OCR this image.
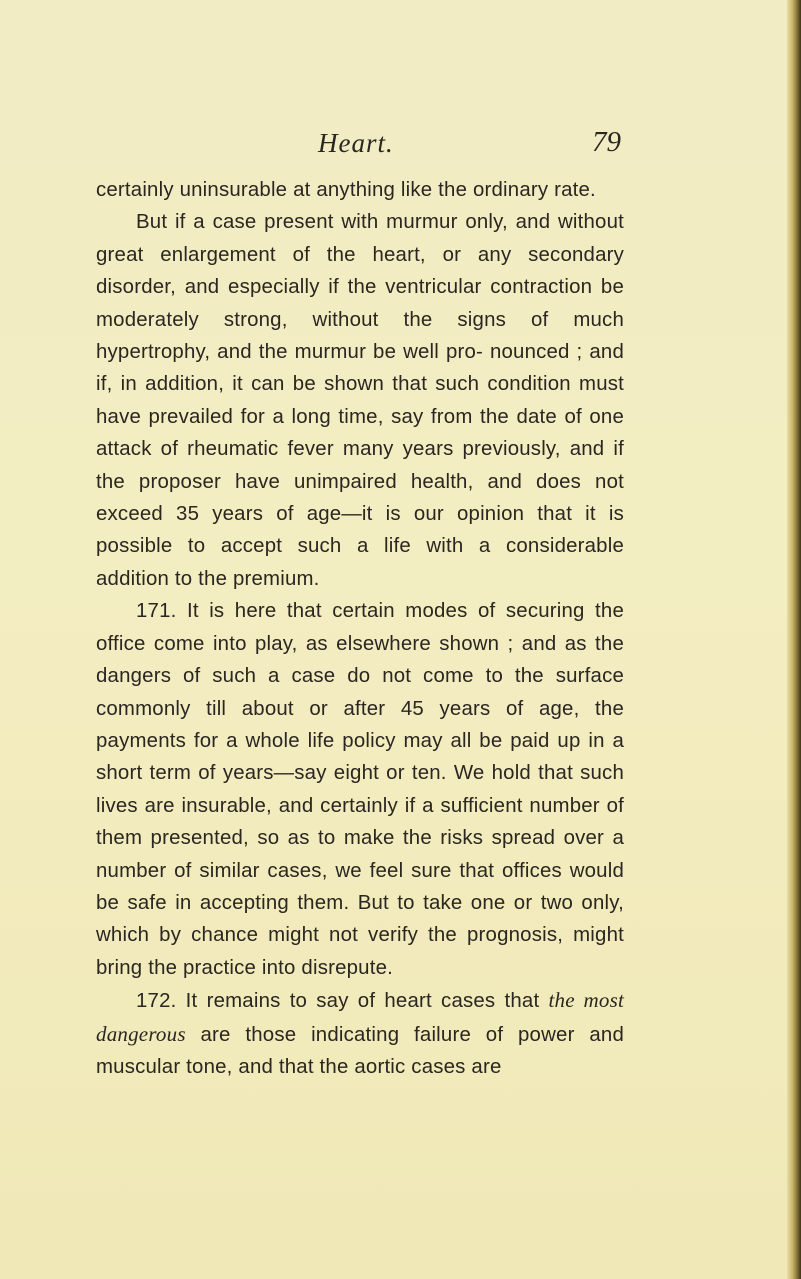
Heart.	79

certainly uninsurable at anything like the ordinary rate.

But if a case present with murmur only, and without great enlargement of the heart, or any secondary disorder, and especially if the ventricular contraction be moderately strong, without the signs of much hypertrophy, and the murmur be well pro- nounced ; and if, in addition, it can be shown that such condition must have prevailed for a long time, say from the date of one attack of rheumatic fever many years previously, and if the proposer have unimpaired health, and does not exceed 35 years of age—it is our opinion that it is possible to accept such a life with a considerable addition to the premium.

171. It is here that certain modes of securing the office come into play, as elsewhere shown ; and as the dangers of such a case do not come to the surface commonly till about or after 45 years of age, the payments for a whole life policy may all be paid up in a short term of years—say eight or ten. We hold that such lives are insurable, and certainly if a sufficient number of them presented, so as to make the risks spread over a number of similar cases, we feel sure that offices would be safe in accepting them. But to take one or two only, which by chance might not verify the prognosis, might bring the practice into disrepute.

172. It remains to say of heart cases that the most dangerous are those indicating failure of power and muscular tone, and that the aortic cases are
